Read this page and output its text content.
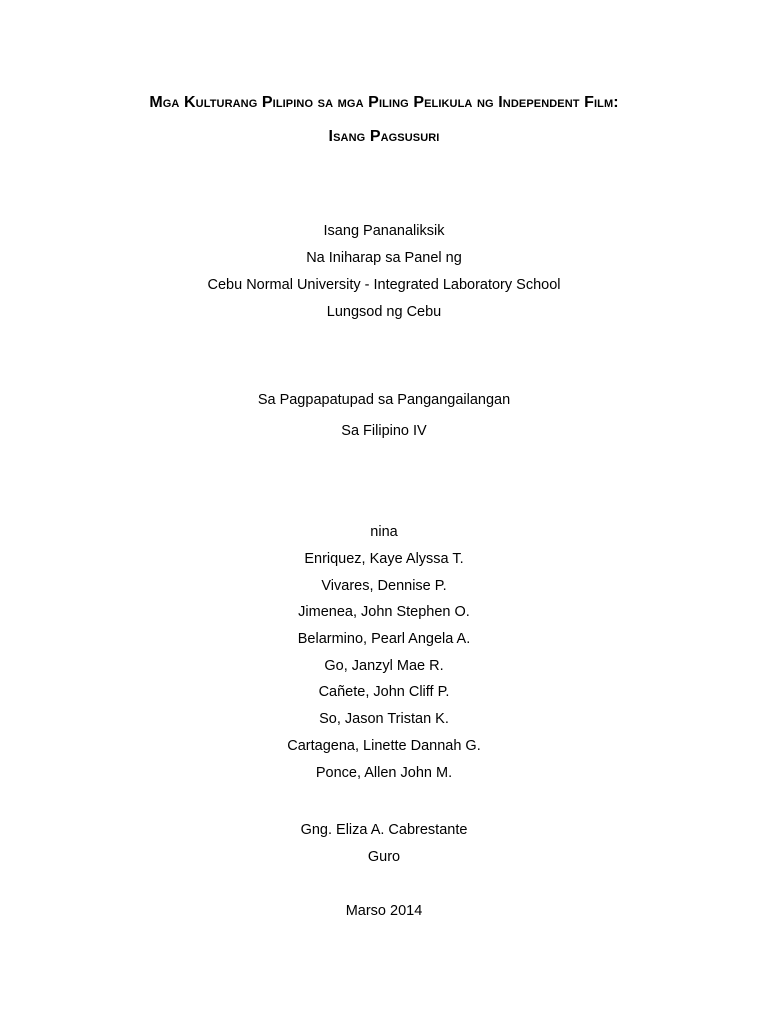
Mga Kulturang Pilipino sa mga Piling Pelikula ng Independent Film:
Isang Pagsusuri
Isang Pananaliksik
Na Iniharap sa Panel ng
Cebu Normal University - Integrated Laboratory School
Lungsod ng Cebu
Sa Pagpapatupad sa Pangangailangan
Sa Filipino IV
nina
Enriquez, Kaye Alyssa T.
Vivares, Dennise P.
Jimenea, John Stephen O.
Belarmino, Pearl Angela A.
Go, Janzyl Mae R.
Cañete, John Cliff P.
So, Jason Tristan K.
Cartagena, Linette Dannah G.
Ponce, Allen John M.
Gng. Eliza A. Cabrestante
Guro
Marso 2014
